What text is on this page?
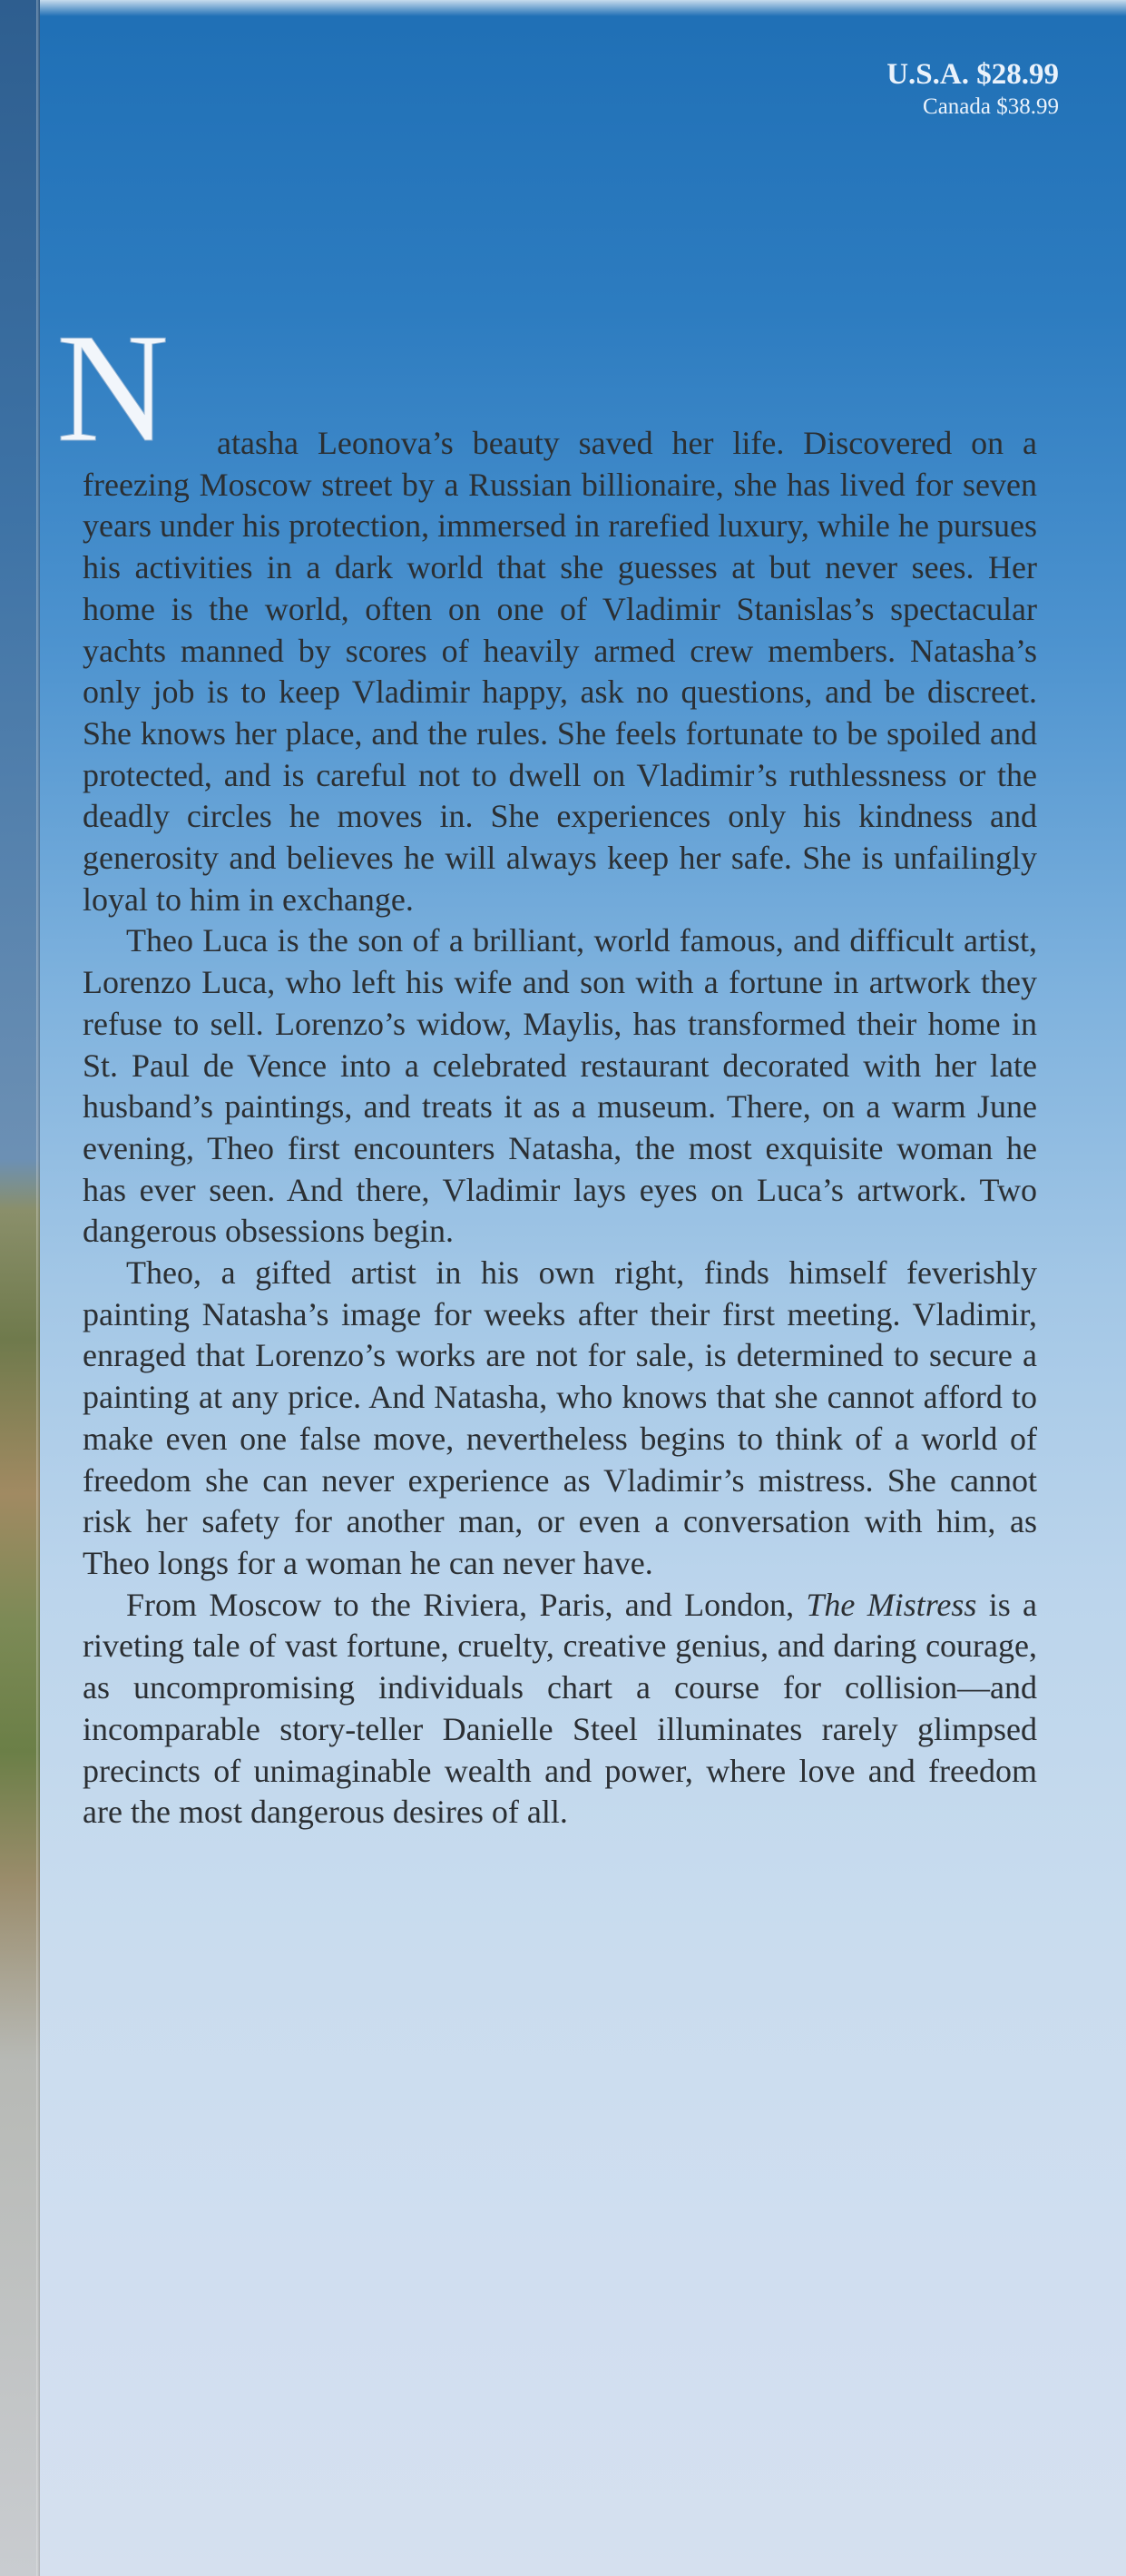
U.S.A. $28.99
Canada $38.99

N atasha Leonova’s beauty saved her life. Discovered on a freezing Moscow street by a Russian billionaire, she has lived for seven years under his protection, immersed in rarefied luxury, while he pursues his activities in a dark world that she guesses at but never sees. Her home is the world, often on one of Vladimir Stanislas’s spectacular yachts manned by scores of heavily armed crew members. Natasha’s only job is to keep Vladimir happy, ask no questions, and be discreet. She knows her place, and the rules. She feels fortunate to be spoiled and protected, and is careful not to dwell on Vladimir’s ruthlessness or the deadly circles he moves in. She experiences only his kindness and generosity and believes he will always keep her safe. She is unfailingly loyal to him in exchange.

Theo Luca is the son of a brilliant, world famous, and difficult artist, Lorenzo Luca, who left his wife and son with a fortune in artwork they refuse to sell. Lorenzo’s widow, Maylis, has transformed their home in St. Paul de Vence into a celebrated restaurant decorated with her late husband’s paintings, and treats it as a museum. There, on a warm June evening, Theo first encounters Natasha, the most exquisite woman he has ever seen. And there, Vladimir lays eyes on Luca’s artwork. Two dangerous obsessions begin.

Theo, a gifted artist in his own right, finds himself feverishly painting Natasha’s image for weeks after their first meeting. Vladimir, enraged that Lorenzo’s works are not for sale, is determined to secure a painting at any price. And Natasha, who knows that she cannot afford to make even one false move, nevertheless begins to think of a world of freedom she can never experience as Vladimir’s mistress. She cannot risk her safety for another man, or even a conversation with him, as Theo longs for a woman he can never have.

From Moscow to the Riviera, Paris, and London, The Mistress is a riveting tale of vast fortune, cruelty, creative genius, and daring courage, as uncompromising individuals chart a course for collision—and incomparable story-teller Danielle Steel illuminates rarely glimpsed precincts of unimaginable wealth and power, where love and freedom are the most dangerous desires of all.
